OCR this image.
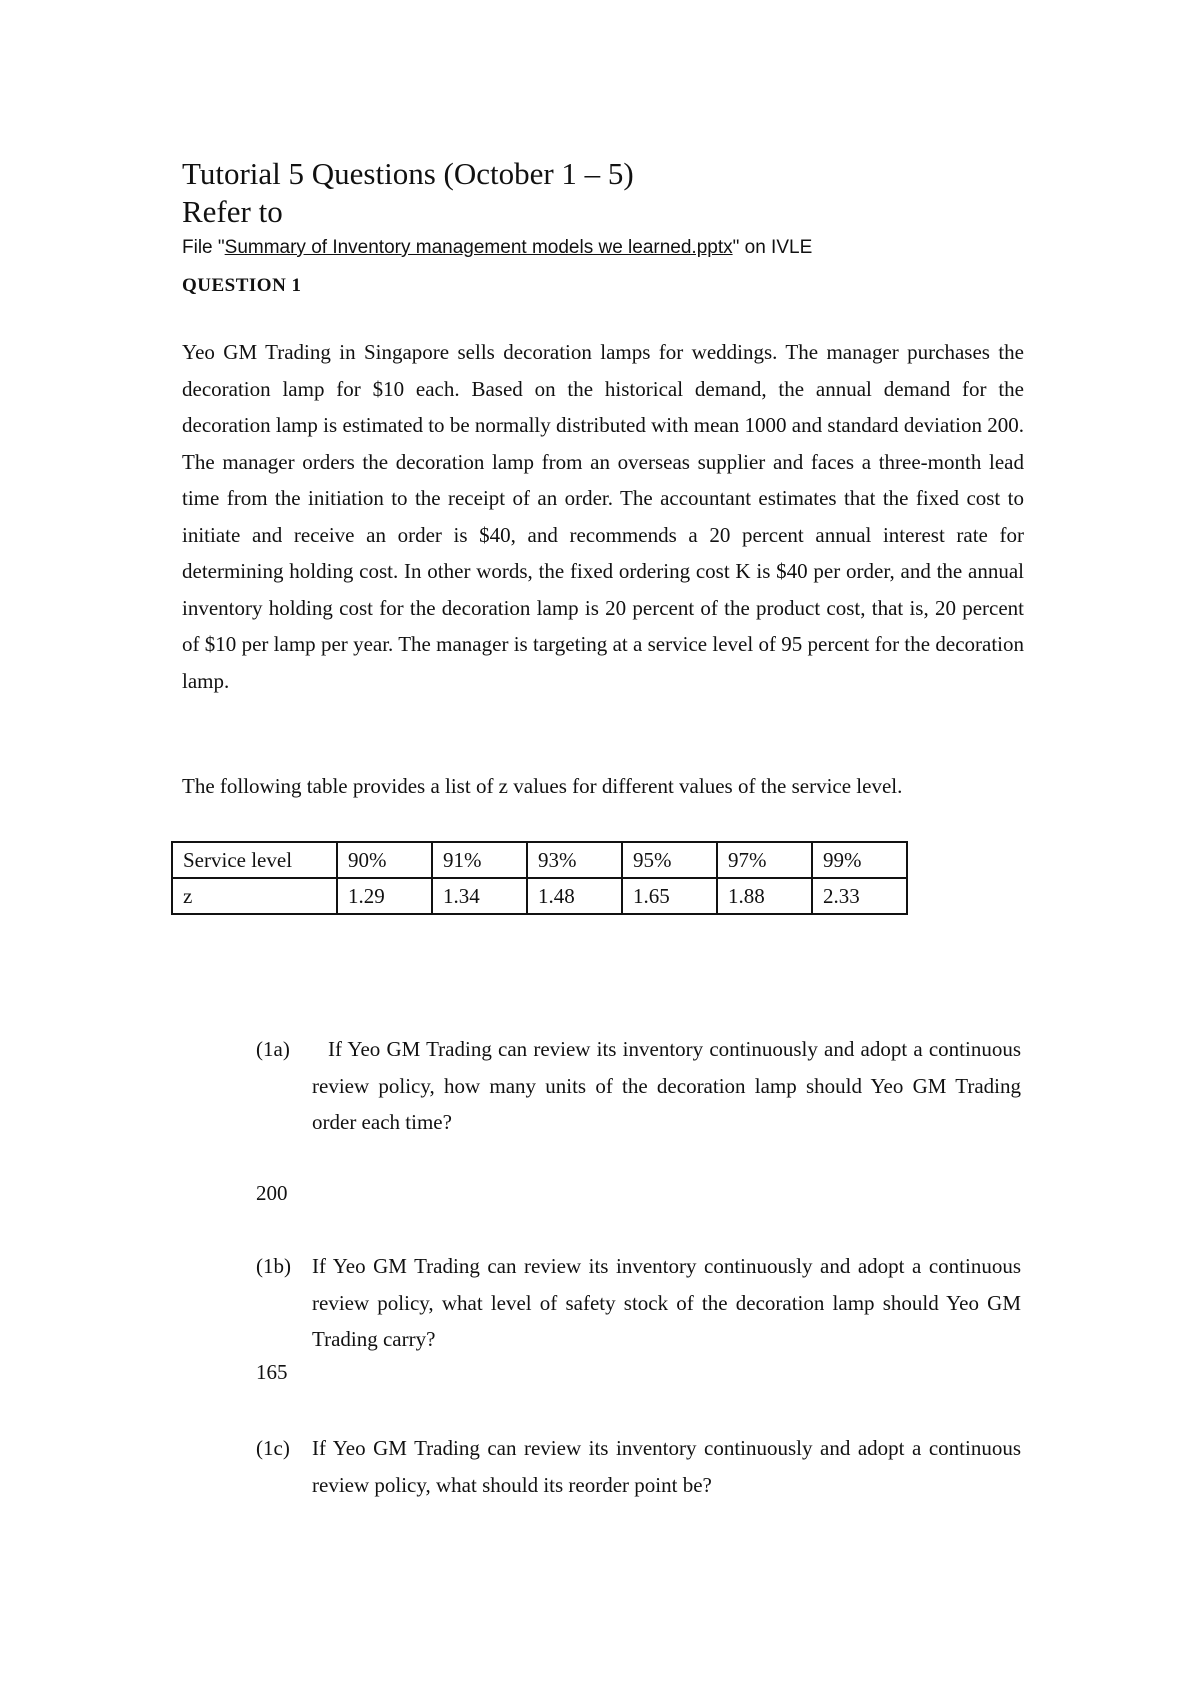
Tutorial 5 Questions (October 1 – 5)
Refer to
File "Summary of Inventory management models we learned.pptx" on IVLE
QUESTION 1

Yeo GM Trading in Singapore sells decoration lamps for weddings. The manager purchases the decoration lamp for $10 each. Based on the historical demand, the annual demand for the decoration lamp is estimated to be normally distributed with mean 1000 and standard deviation 200. The manager orders the decoration lamp from an overseas supplier and faces a three-month lead time from the initiation to the receipt of an order. The accountant estimates that the fixed cost to initiate and receive an order is $40, and recommends a 20 percent annual interest rate for determining holding cost. In other words, the fixed ordering cost K is $40 per order, and the annual inventory holding cost for the decoration lamp is 20 percent of the product cost, that is, 20 percent of $10 per lamp per year. The manager is targeting at a service level of 95 percent for the decoration lamp.

The following table provides a list of z values for different values of the service level.
Service level	90%	91%	93%	95%	97%	99%
z	1.29	1.34	1.48	1.65	1.88	2.33
(1a)	If Yeo GM Trading can review its inventory continuously and adopt a continuous review policy, how many units of the decoration lamp should Yeo GM Trading order each time?
200
(1b) If Yeo GM Trading can review its inventory continuously and adopt a continuous review policy, what level of safety stock of the decoration lamp should Yeo GM Trading carry?
165
(1c) If Yeo GM Trading can review its inventory continuously and adopt a continuous review policy, what should its reorder point be?
